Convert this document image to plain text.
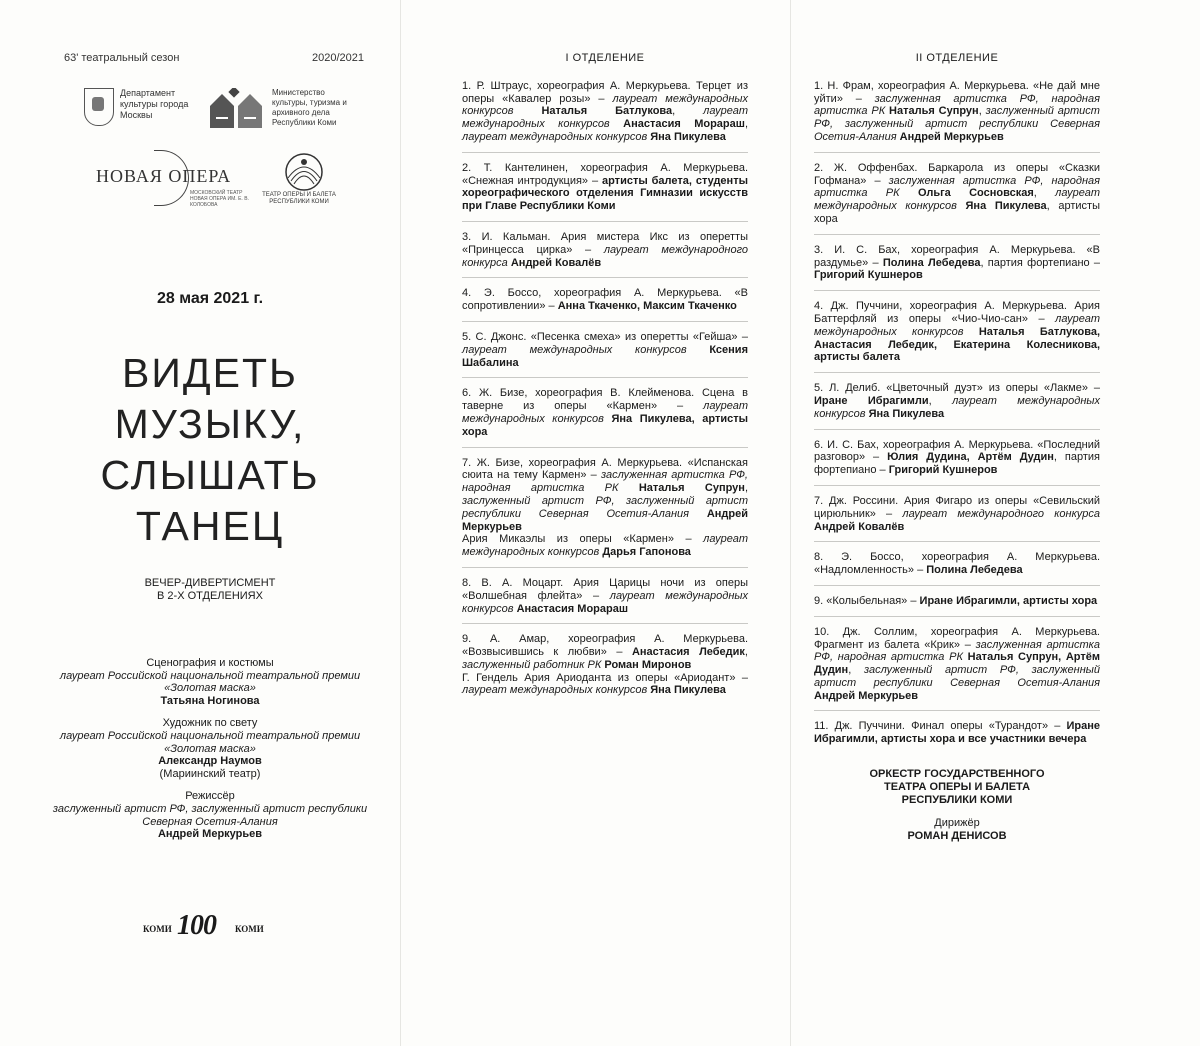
63' театральный сезон	2020/2021
Департамент культуры города Москвы
Министерство культуры, туризма и архивного дела Республики Коми
НОВАЯ ОПЕРА
МОСКОВСКИЙ ТЕАТР НОВАЯ ОПЕРА ИМ. Е. В. КОЛОБОВА
ТЕАТР ОПЕРЫ И БАЛЕТА РЕСПУБЛИКИ КОМИ
28 мая 2021 г.
ВИДЕТЬ
МУЗЫКУ,
СЛЫШАТЬ
ТАНЕЦ
ВЕЧЕР-ДИВЕРТИСМЕНТ
В 2-Х ОТДЕЛЕНИЯХ
Сценография и костюмы
лауреат Российской национальной театральной премии «Золотая маска»
Татьяна Ногинова
Художник по свету
лауреат Российской национальной театральной премии «Золотая маска»
Александр Наумов
(Мариинский театр)
Режиссёр
заслуженный артист РФ, заслуженный артист республики Северная Осетия-Алания
Андрей Меркурьев
КОМИ 100 КОМИ
I ОТДЕЛЕНИЕ

1. Р. Штраус, хореография А. Меркурьева. Терцет из оперы «Кавалер розы» – лауреат международных конкурсов Наталья Батлукова, лауреат международных конкурсов Анастасия Морараш, лауреат международных конкурсов Яна Пикулева

2. Т. Кантелинен, хореография А. Меркурьева. «Снежная интродукция» – артисты балета, студенты хореографического отделения Гимназии искусств при Главе Республики Коми

3. И. Кальман. Ария мистера Икс из оперетты «Принцесса цирка» – лауреат международного конкурса Андрей Ковалёв

4. Э. Боссо, хореография А. Меркурьева. «В сопротивлении» – Анна Ткаченко, Максим Ткаченко

5. С. Джонс. «Песенка смеха» из оперетты «Гейша» – лауреат международных конкурсов Ксения Шабалина

6. Ж. Бизе, хореография В. Клейменова. Сцена в таверне из оперы «Кармен» – лауреат международных конкурсов Яна Пикулева, артисты хора

7. Ж. Бизе, хореография А. Меркурьева. «Испанская сюита на тему Кармен» – заслуженная артистка РФ, народная артистка РК Наталья Супрун, заслуженный артист РФ, заслуженный артист республики Северная Осетия-Алания Андрей Меркурьев

Ария Микаэлы из оперы «Кармен» – лауреат международных конкурсов Дарья Гапонова

8. В. А. Моцарт. Ария Царицы ночи из оперы «Волшебная флейта» – лауреат международных конкурсов Анастасия Морараш

9. А. Амар, хореография А. Меркурьева. «Возвысившись к любви» – Анастасия Лебедик, заслуженный работник РК Роман Миронов

Г. Гендель Ария Ариоданта из оперы «Ариодант» – лауреат международных конкурсов Яна Пикулева

II ОТДЕЛЕНИЕ

1. Н. Фрам, хореография А. Меркурьева. «Не дай мне уйти» – заслуженная артистка РФ, народная артистка РК Наталья Супрун, заслуженный артист РФ, заслуженный артист республики Северная Осетия-Алания Андрей Меркурьев

2. Ж. Оффенбах. Баркарола из оперы «Сказки Гофмана» – заслуженная артистка РФ, народная артистка РК Ольга Сосновская, лауреат международных конкурсов Яна Пикулева, артисты хора

3. И. С. Бах, хореография А. Меркурьева. «В раздумье» – Полина Лебедева, партия фортепиано – Григорий Кушнеров

4. Дж. Пуччини, хореография А. Меркурьева. Ария Баттерфляй из оперы «Чио-Чио-сан» – лауреат международных конкурсов Наталья Батлукова, Анастасия Лебедик, Екатерина Колесникова, артисты балета

5. Л. Делиб. «Цветочный дуэт» из оперы «Лакме» – Иране Ибрагимли, лауреат международных конкурсов Яна Пикулева

6. И. С. Бах, хореография А. Меркурьева. «Последний разговор» – Юлия Дудина, Артём Дудин, партия фортепиано – Григорий Кушнеров

7. Дж. Россини. Ария Фигаро из оперы «Севильский цирюльник» – лауреат международного конкурса Андрей Ковалёв

8. Э. Боссо, хореография А. Меркурьева. «Надломленность» – Полина Лебедева

9. «Колыбельная» – Иране Ибрагимли, артисты хора

10. Дж. Соллим, хореография А. Меркурьева. Фрагмент из балета «Крик» – заслуженная артистка РФ, народная артистка РК Наталья Супрун, Артём Дудин, заслуженный артист РФ, заслуженный артист республики Северная Осетия-Алания Андрей Меркурьев

11. Дж. Пуччини. Финал оперы «Турандот» – Иране Ибрагимли, артисты хора и все участники вечера

ОРКЕСТР ГОСУДАРСТВЕННОГО
ТЕАТРА ОПЕРЫ И БАЛЕТА
РЕСПУБЛИКИ КОМИ
Дирижёр
РОМАН ДЕНИСОВ
